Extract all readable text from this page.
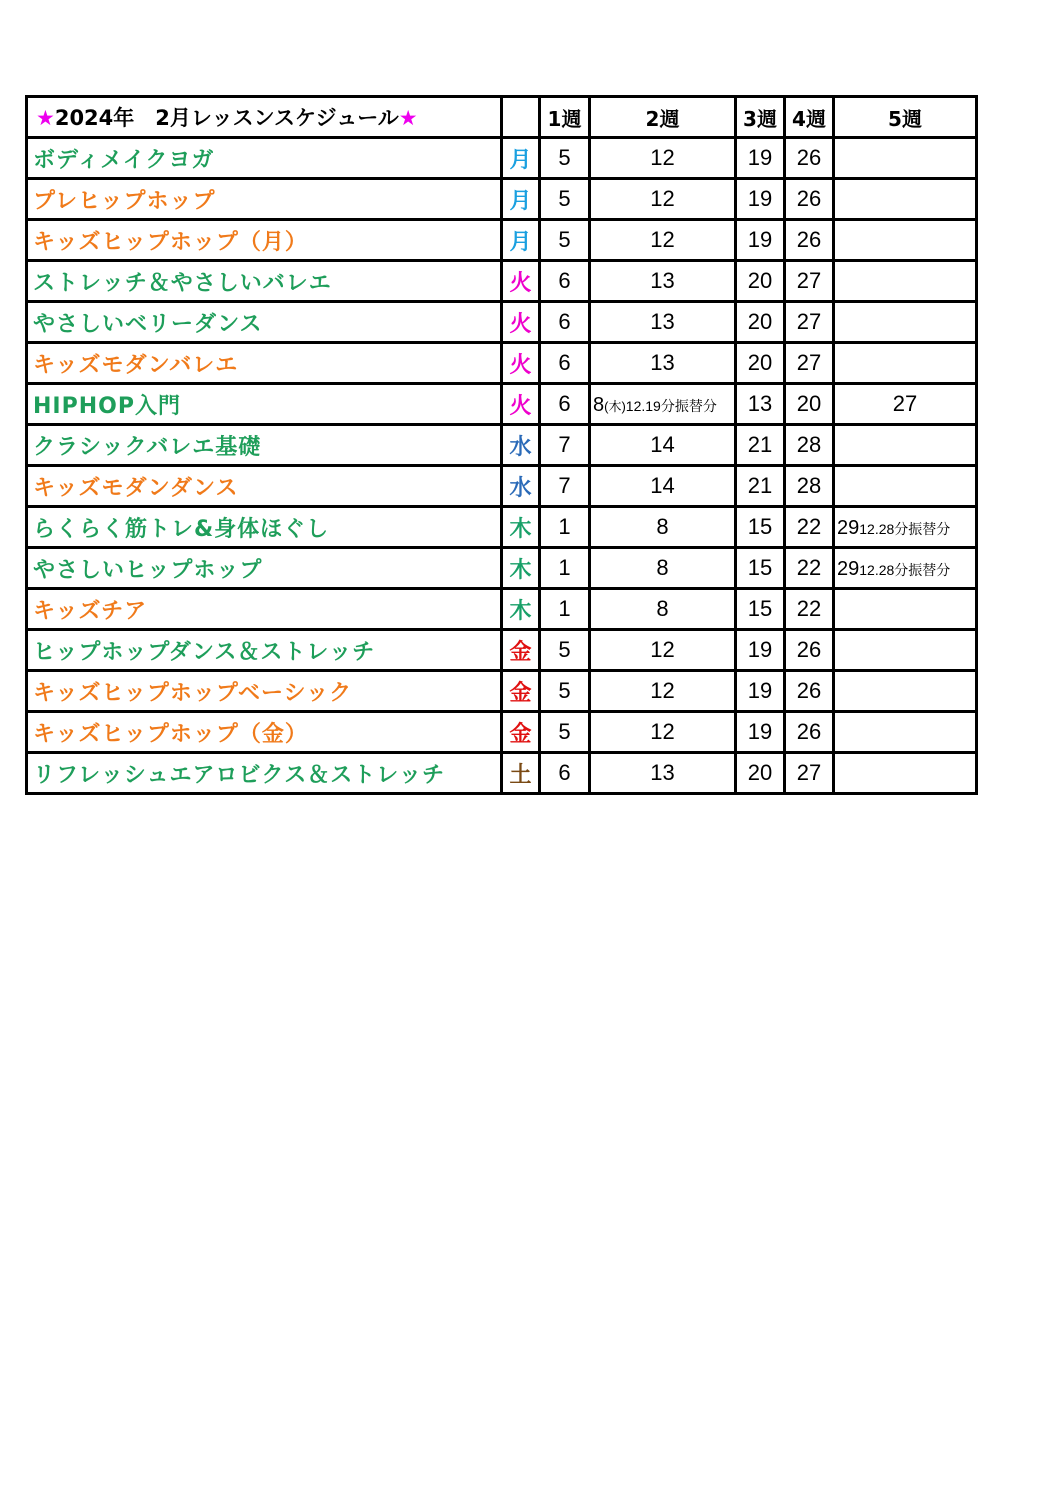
★2024年　2月レッスンスケジュール★		1週	2週	3週	4週	5週
ボディメイクヨガ	月	5	12	19	26	
プレヒップホップ	月	5	12	19	26	
キッズヒップホップ（月）	月	5	12	19	26	
ストレッチ＆やさしいバレエ	火	6	13	20	27	
やさしいベリーダンス	火	6	13	20	27	
キッズモダンバレエ	火	6	13	20	27	
HIPHOP入門	火	6	8(木)12.19分振替分	13	20	27
クラシックバレエ基礎	水	7	14	21	28	
キッズモダンダンス	水	7	14	21	28	
らくらく筋トレ&身体ほぐし	木	1	8	15	22	2912.28分振替分
やさしいヒップホップ	木	1	8	15	22	2912.28分振替分
キッズチア	木	1	8	15	22	
ヒップホップダンス＆ストレッチ	金	5	12	19	26	
キッズヒップホップベーシック	金	5	12	19	26	
キッズヒップホップ（金）	金	5	12	19	26	
リフレッシュエアロビクス＆ストレッチ	土	6	13	20	27	
